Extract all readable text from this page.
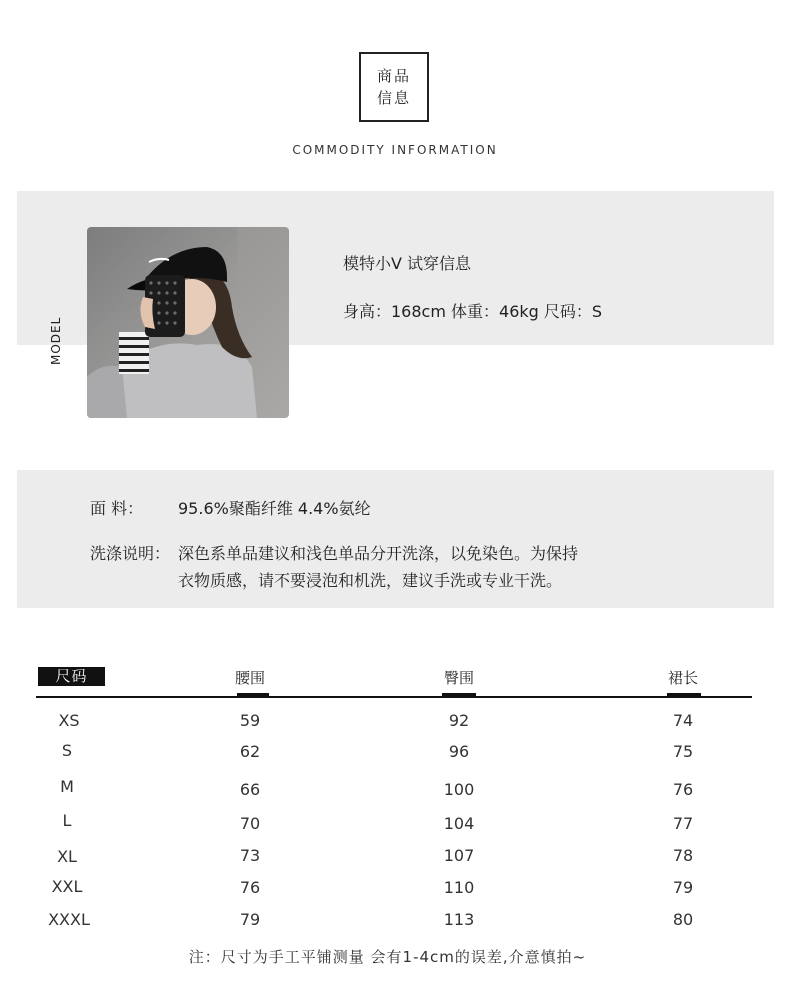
商品
信息
COMMODITY INFORMATION
MODEL
模特小V 试穿信息
身高：168cm 体重：46kg 尺码：S
面 料： 95.6%聚酯纤维 4.4%氨纶
洗涤说明： 深色系单品建议和浅色单品分开洗涤，以免染色。为保持
衣物质感，请不要浸泡和机洗，建议手洗或专业干洗。
尺码	腰围	臀围	裙长
XS	59	92	74
S	62	96	75
M	66	100	76
L	70	104	77
XL	73	107	78
XXL	76	110	79
XXXL	79	113	80
注：尺寸为手工平铺测量 会有1-4cm的误差,介意慎拍~
